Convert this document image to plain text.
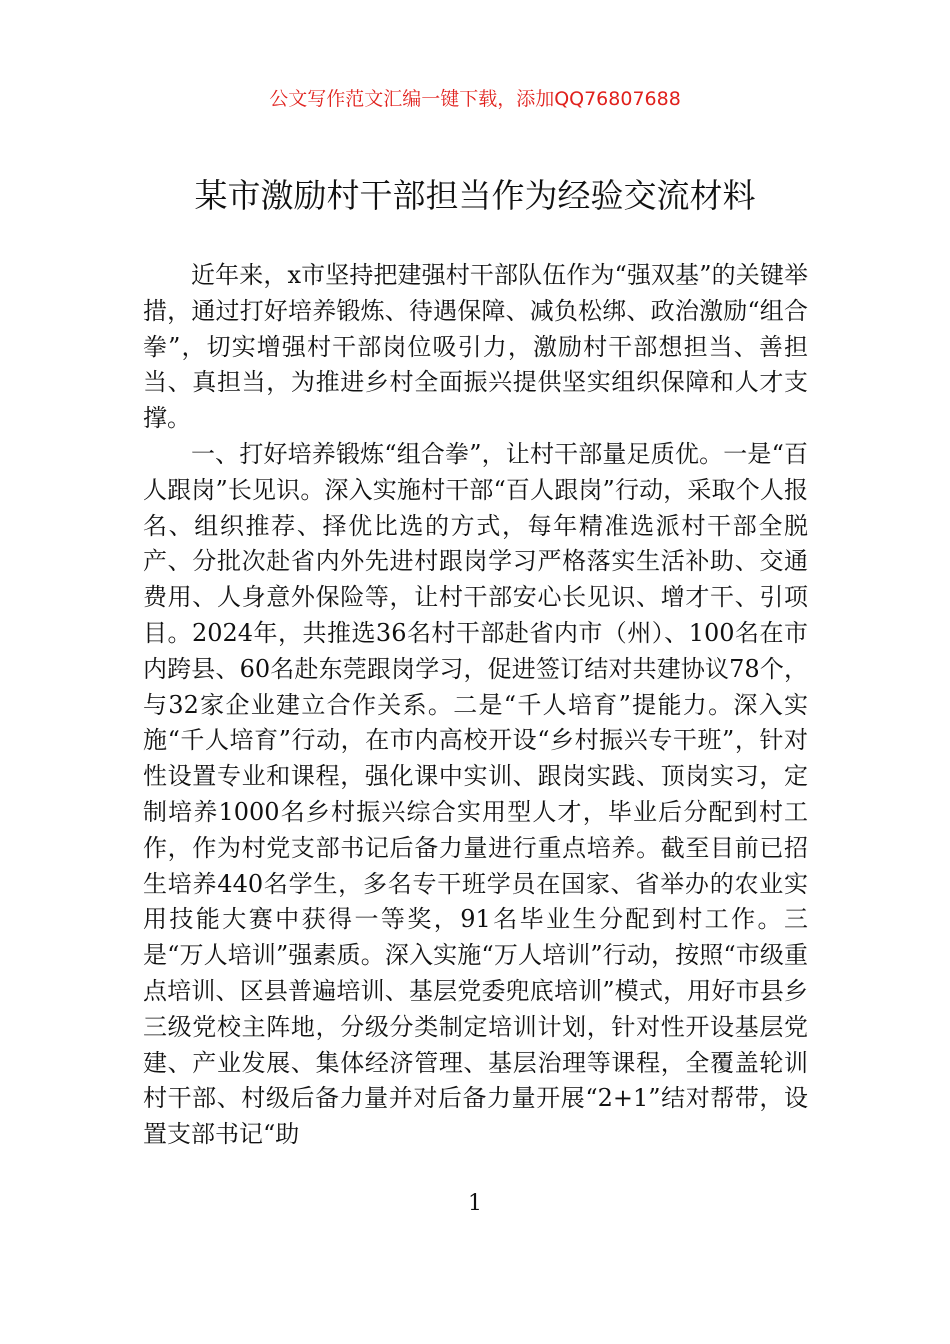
公文写作范文汇编一键下载，添加QQ76807688
某市激励村干部担当作为经验交流材料

近年来，x市坚持把建强村干部队伍作为“强双基”的关键举措，通过打好培养锻炼、待遇保障、减负松绑、政治激励“组合拳”，切实增强村干部岗位吸引力，激励村干部想担当、善担当、真担当，为推进乡村全面振兴提供坚实组织保障和人才支撑。

一、打好培养锻炼“组合拳”，让村干部量足质优。一是“百人跟岗”长见识。深入实施村干部“百人跟岗”行动，采取个人报名、组织推荐、择优比选的方式，每年精准选派村干部全脱产、分批次赴省内外先进村跟岗学习严格落实生活补助、交通费用、人身意外保险等，让村干部安心长见识、增才干、引项目。2024年，共推选36名村干部赴省内市（州）、100名在市内跨县、60名赴东莞跟岗学习，促进签订结对共建协议78个，与32家企业建立合作关系。二是“千人培育”提能力。深入实施“千人培育”行动，在市内高校开设“乡村振兴专干班”，针对性设置专业和课程，强化课中实训、跟岗实践、顶岗实习，定制培养1000名乡村振兴综合实用型人才，毕业后分配到村工作，作为村党支部书记后备力量进行重点培养。截至目前已招生培养440名学生，多名专干班学员在国家、省举办的农业实用技能大赛中获得一等奖，91名毕业生分配到村工作。三是“万人培训”强素质。深入实施“万人培训”行动，按照“市级重点培训、区县普遍培训、基层党委兜底培训”模式，用好市县乡三级党校主阵地，分级分类制定培训计划，针对性开设基层党建、产业发展、集体经济管理、基层治理等课程，全覆盖轮训村干部、村级后备力量并对后备力量开展“2+1”结对帮带，设置支部书记“助

1
